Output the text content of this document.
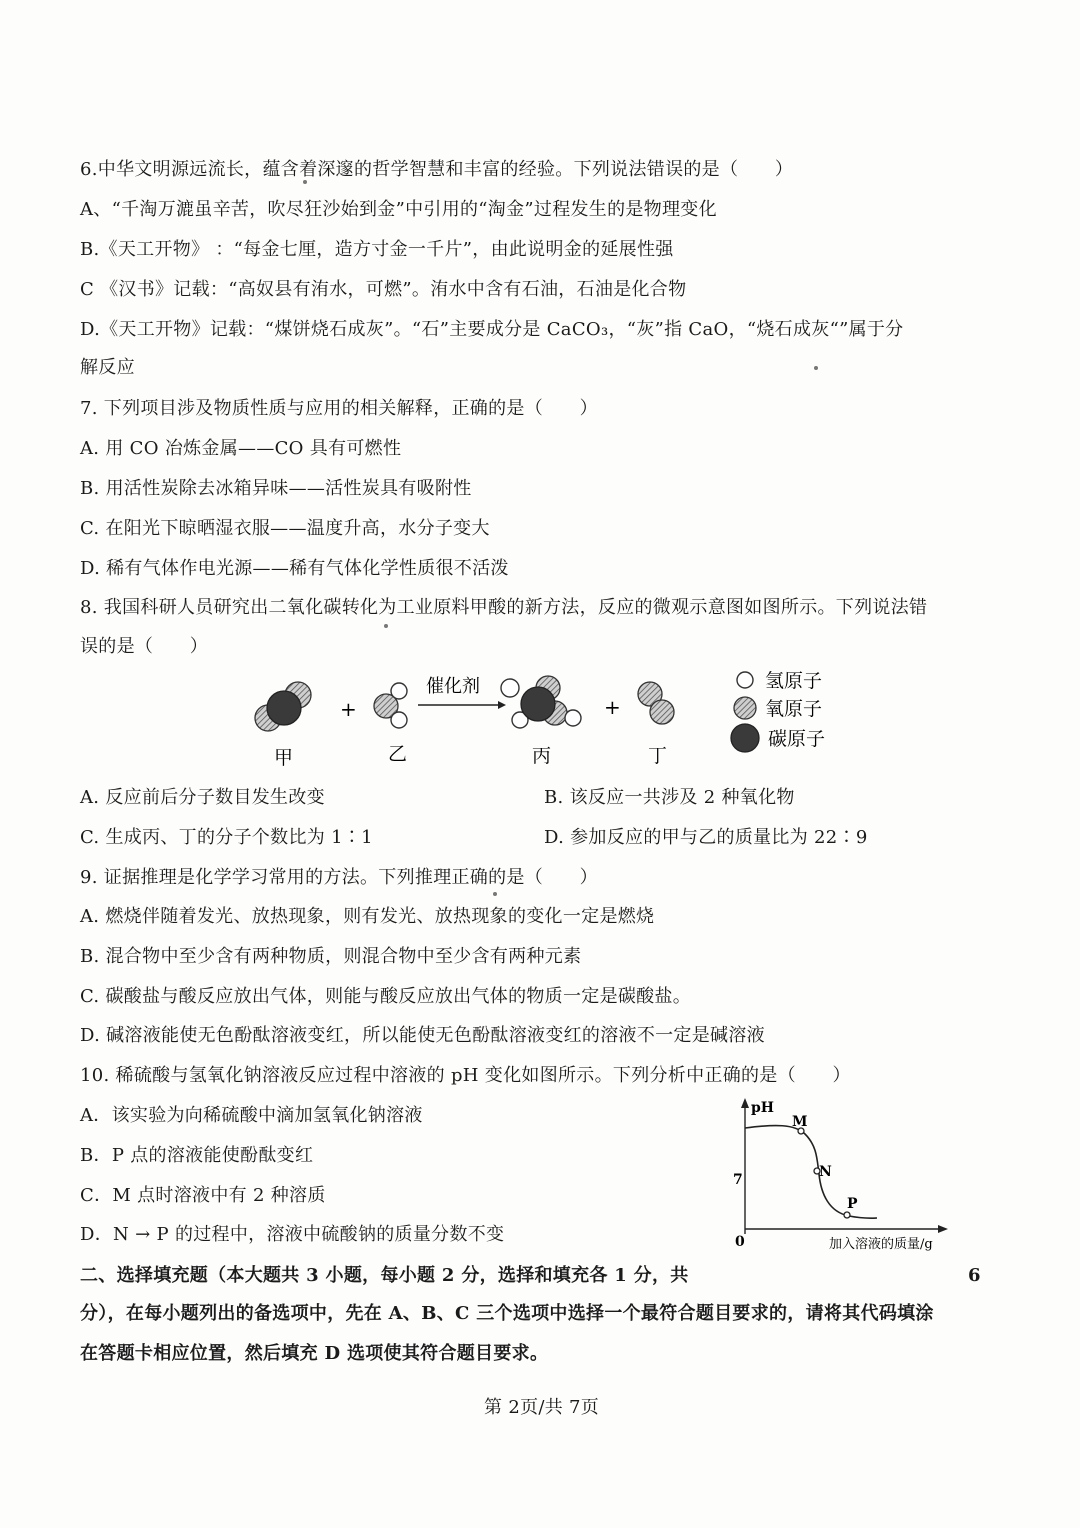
6.中华文明源远流长，蕴含着深邃的哲学智慧和丰富的经验。下列说法错误的是（　　）
A、“千淘万漉虽辛苦，吹尽狂沙始到金”中引用的“淘金”过程发生的是物理变化
B.《天工开物》 ：“每金七厘，造方寸金一千片”，由此说明金的延展性强
C 《汉书》记载：“高奴县有洧水，可燃”。洧水中含有石油，石油是化合物
D.《天工开物》记载：“煤饼烧石成灰”。“石”主要成分是 CaCO₃，“灰”指 CaO，“烧石成灰“”属于分
解反应
7. 下列项目涉及物质性质与应用的相关解释，正确的是（　　）
A. 用 CO 冶炼金属——CO 具有可燃性
B. 用活性炭除去冰箱异味——活性炭具有吸附性
C. 在阳光下晾晒湿衣服——温度升高，水分子变大
D. 稀有气体作电光源——稀有气体化学性质很不活泼
8. 我国科研人员研究出二氧化碳转化为工业原料甲酸的新方法，反应的微观示意图如图所示。下列说法错
误的是（　　）
甲
+
乙
催化剂
丙
+
丁
氢原子
氧原子
碳原子
A. 反应前后分子数目发生改变	B. 该反应一共涉及 2 种氧化物
C. 生成丙、丁的分子个数比为 1∶1	D. 参加反应的甲与乙的质量比为 22∶9
9. 证据推理是化学学习常用的方法。下列推理正确的是（　　）
A. 燃烧伴随着发光、放热现象，则有发光、放热现象的变化一定是燃烧
B. 混合物中至少含有两种物质，则混合物中至少含有两种元素
C. 碳酸盐与酸反应放出气体，则能与酸反应放出气体的物质一定是碳酸盐。
D. 碱溶液能使无色酚酞溶液变红，所以能使无色酚酞溶液变红的溶液不一定是碱溶液
10. 稀硫酸与氢氧化钠溶液反应过程中溶液的 pH 变化如图所示。下列分析中正确的是（　　）
A．该实验为向稀硫酸中滴加氢氧化钠溶液
B．P 点的溶液能使酚酞变红
C．M 点时溶液中有 2 种溶质
D．N → P 的过程中，溶液中硫酸钠的质量分数不变
pH
0	加入溶液的质量/g
7
M
N
P
二、选择填充题（本大题共 3 小题，每小题 2 分，选择和填充各 1 分，共	6
分），在每小题列出的备选项中，先在 A、B、C 三个选项中选择一个最符合题目要求的，请将其代码填涂
在答题卡相应位置，然后填充 D 选项使其符合题目要求。
第 2页/共 7页
